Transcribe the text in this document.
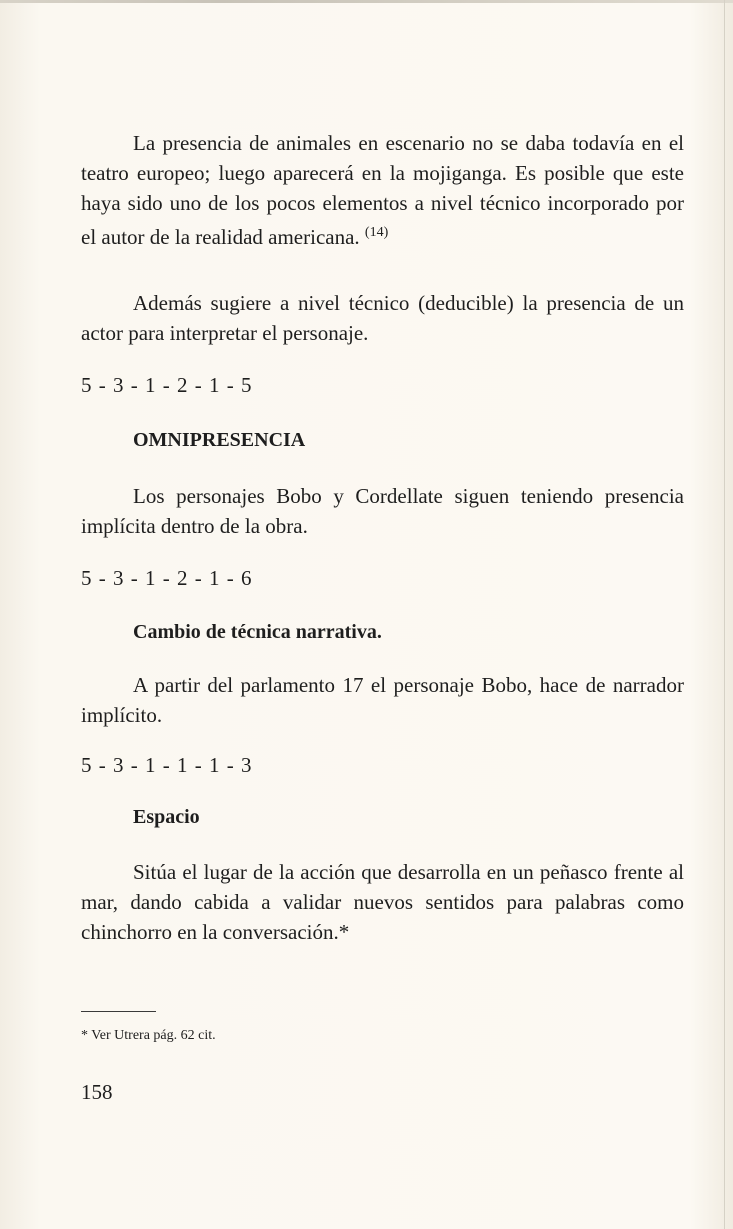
La presencia de animales en escenario no se daba todavía en el teatro europeo; luego aparecerá en la mojiganga. Es posible que este haya sido uno de los pocos elementos a nivel técnico incorporado por el autor de la realidad americana. $^{(14)}$

Además sugiere a nivel técnico (deducible) la presencia de un actor para interpretar el personaje.

5 - 3 - 1 - 2 - 1 - 5
OMNIPRESENCIA

Los personajes Bobo y Cordellate siguen teniendo presencia implícita dentro de la obra.

5 - 3 - 1 - 2 - 1 - 6
Cambio de técnica narrativa.

A partir del parlamento 17 el personaje Bobo, hace de narrador implícito.

5 - 3 - 1 - 1 - 1 - 3
Espacio

Sitúa el lugar de la acción que desarrolla en un peñasco frente al mar, dando cabida a validar nuevos sentidos para palabras como chinchorro en la conversación.*

* Ver Utrera pág. 62 cit.
158
